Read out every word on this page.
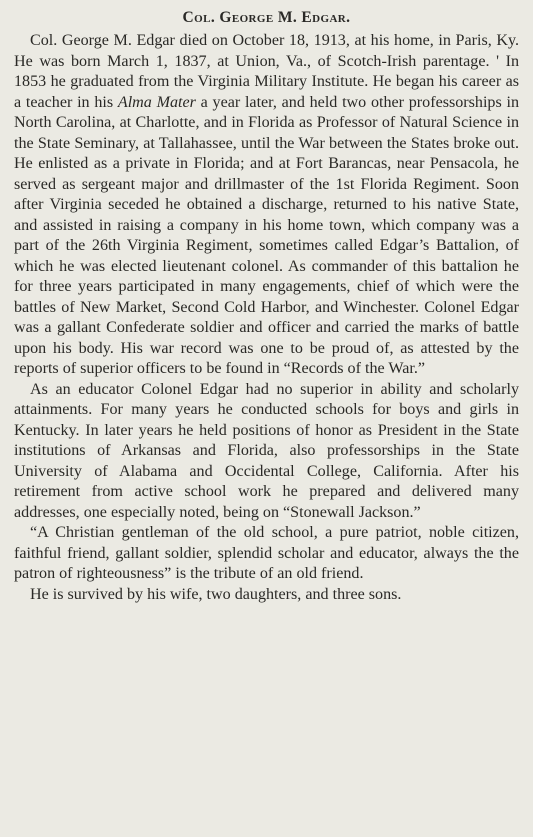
Col. George M. Edgar.

Col. George M. Edgar died on October 18, 1913, at his home, in Paris, Ky. He was born March 1, 1837, at Union, Va., of Scotch-Irish parentage. ' In 1853 he graduated from the Virginia Military Institute. He began his career as a teacher in his Alma Mater a year later, and held two other professorships in North Carolina, at Charlotte, and in Florida as Professor of Natural Science in the State Seminary, at Tallahassee, until the War between the States broke out. He enlisted as a private in Florida; and at Fort Barancas, near Pensacola, he served as sergeant major and drillmaster of the 1st Florida Regiment. Soon after Virginia seceded he obtained a discharge, returned to his native State, and assisted in raising a company in his home town, which company was a part of the 26th Virginia Regiment, sometimes called Edgar’s Battalion, of which he was elected lieutenant colonel. As commander of this battalion he for three years participated in many engagements, chief of which were the battles of New Market, Second Cold Harbor, and Winchester. Colonel Edgar was a gallant Confederate soldier and officer and carried the marks of battle upon his body. His war record was one to be proud of, as attested by the reports of superior officers to be found in “Records of the War.”

As an educator Colonel Edgar had no superior in ability and scholarly attainments. For many years he conducted schools for boys and girls in Kentucky. In later years he held positions of honor as President in the State institutions of Arkansas and Florida, also professorships in the State University of Alabama and Occidental College, California. After his retirement from active school work he prepared and delivered many addresses, one especially noted, being on “Stonewall Jackson.”

“A Christian gentleman of the old school, a pure patriot, noble citizen, faithful friend, gallant soldier, splendid scholar and educator, always the the patron of righteousness” is the tribute of an old friend.

He is survived by his wife, two daughters, and three sons.
